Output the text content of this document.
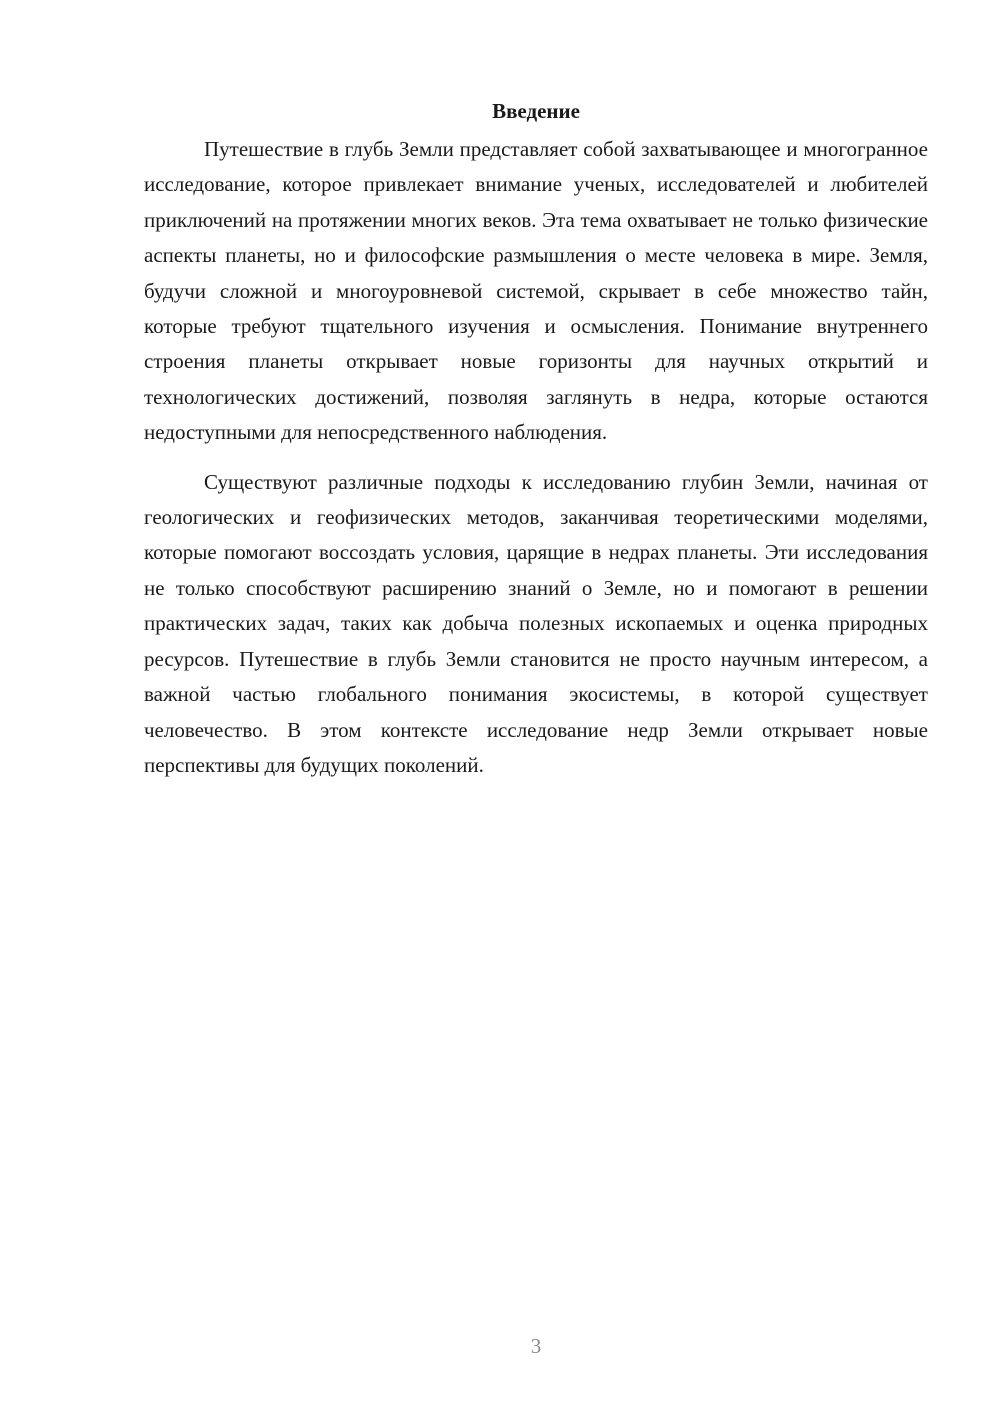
Введение

Путешествие в глубь Земли представляет собой захватывающее и многогранное исследование, которое привлекает внимание ученых, исследователей и любителей приключений на протяжении многих веков. Эта тема охватывает не только физические аспекты планеты, но и философские размышления о месте человека в мире. Земля, будучи сложной и многоуровневой системой, скрывает в себе множество тайн, которые требуют тщательного изучения и осмысления. Понимание внутреннего строения планеты открывает новые горизонты для научных открытий и технологических достижений, позволяя заглянуть в недра, которые остаются недоступными для непосредственного наблюдения.

Существуют различные подходы к исследованию глубин Земли, начиная от геологических и геофизических методов, заканчивая теоретическими моделями, которые помогают воссоздать условия, царящие в недрах планеты. Эти исследования не только способствуют расширению знаний о Земле, но и помогают в решении практических задач, таких как добыча полезных ископаемых и оценка природных ресурсов. Путешествие в глубь Земли становится не просто научным интересом, а важной частью глобального понимания экосистемы, в которой существует человечество. В этом контексте исследование недр Земли открывает новые перспективы для будущих поколений.

3
